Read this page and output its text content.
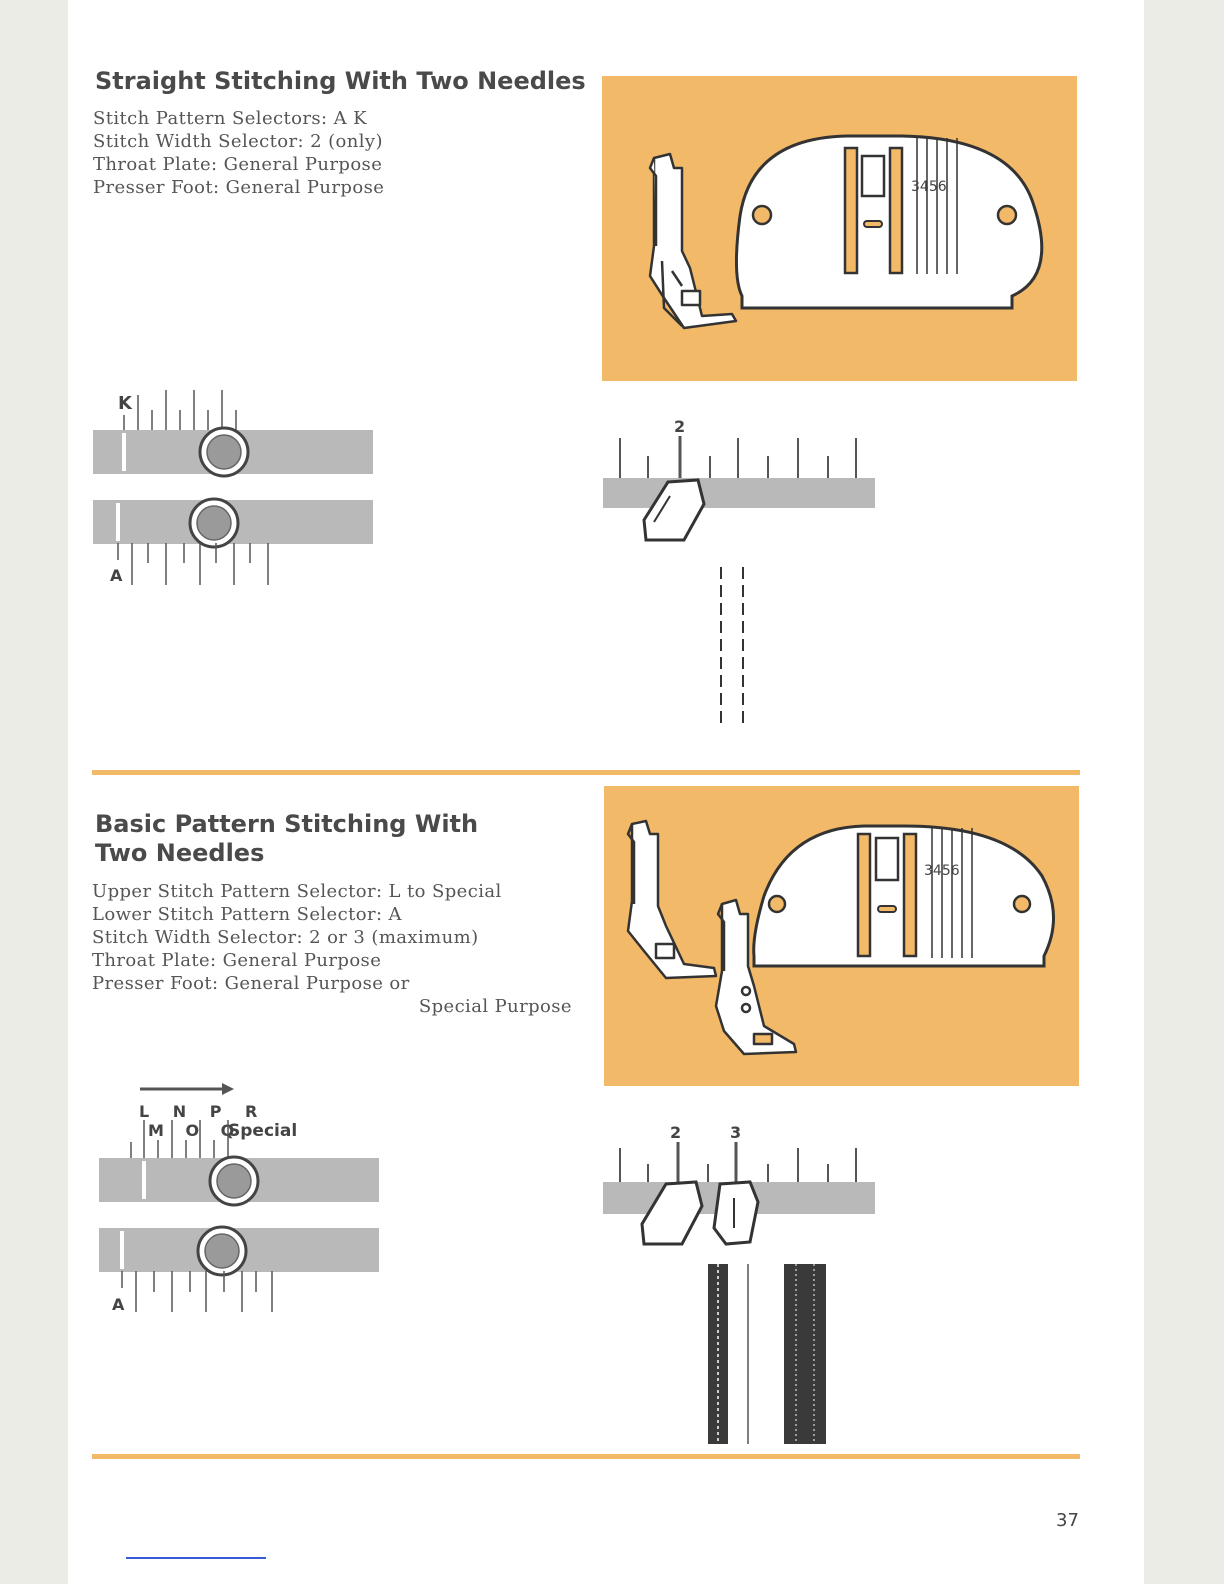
Straight Stitching With Two Needles
Stitch Pattern Selectors: A K
Stitch Width Selector: 2 (only)
Throat Plate: General Purpose
Presser Foot: General Purpose	3456
K
A
2
Basic Pattern Stitching With
Two Needles
Upper Stitch Pattern Selector: L to Special
Lower Stitch Pattern Selector: A
Stitch Width Selector: 2 or 3 (maximum)
Throat Plate: General Purpose
Presser Foot: General Purpose or
Special Purpose
3456
L N P R
M O Q
Special
A
2	3
37
